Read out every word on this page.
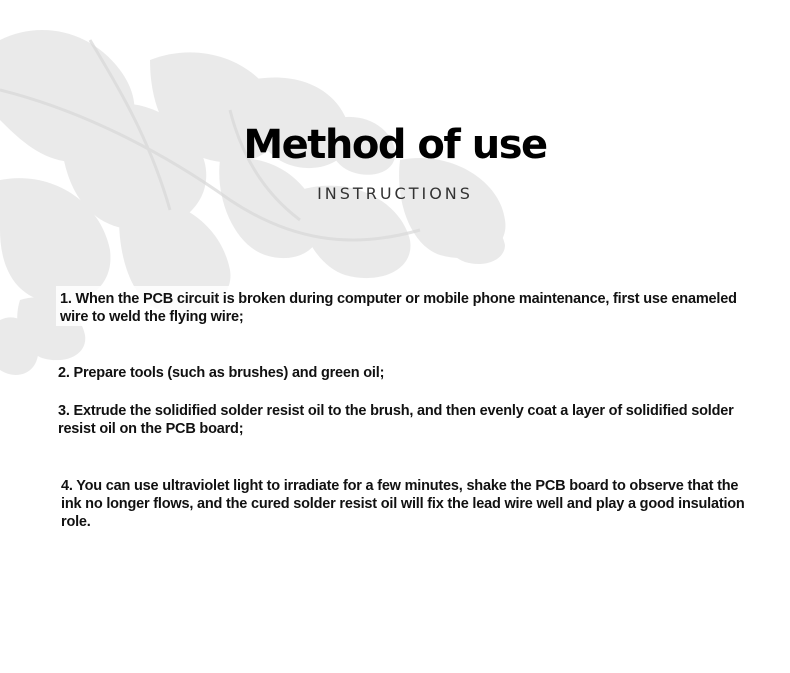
Method of use
INSTRUCTIONS
1. When the PCB circuit is broken during computer or mobile phone maintenance, first use enameled wire to weld the flying wire;
2. Prepare tools (such as brushes) and green oil;
3. Extrude the solidified solder resist oil to the brush, and then evenly coat a layer of solidified solder resist oil on the PCB board;
4. You can use ultraviolet light to irradiate for a few minutes, shake the PCB board to observe that the ink no longer flows, and the cured solder resist oil will fix the lead wire well and play a good insulation role.
